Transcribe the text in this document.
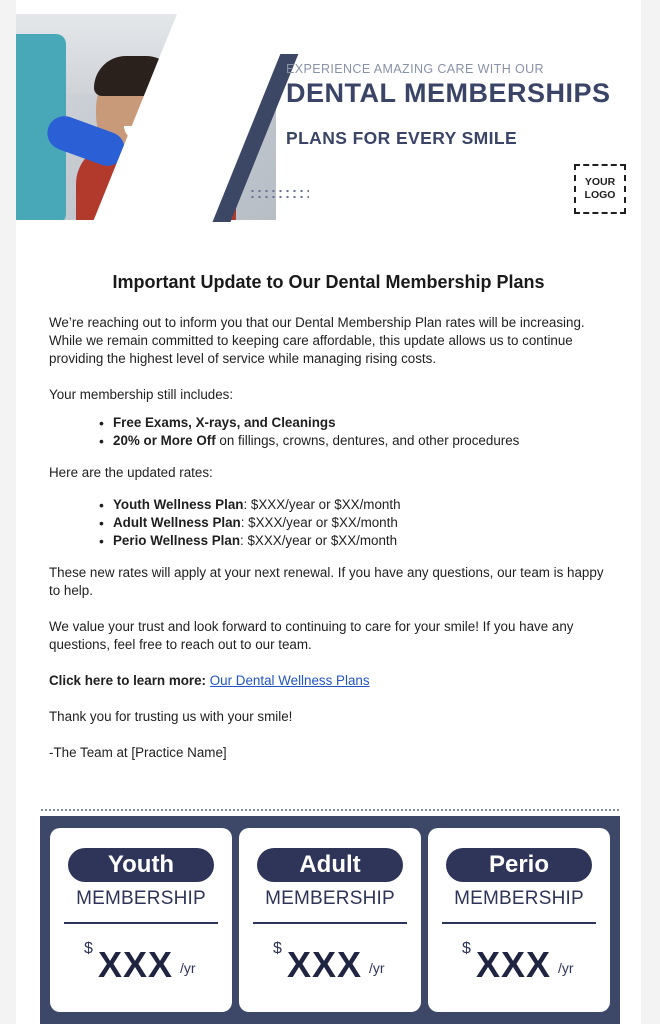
EXPERIENCE AMAZING CARE WITH OUR
DENTAL MEMBERSHIPS
PLANS FOR EVERY SMILE
YOUR
LOGO
Important Update to Our Dental Membership Plans

We’re reaching out to inform you that our Dental Membership Plan rates will be increasing. While we remain committed to keeping care affordable, this update allows us to continue providing the highest level of service while managing rising costs.

Your membership still includes:

• Free Exams, X-rays, and Cleanings
• 20% or More Off on fillings, crowns, dentures, and other procedures

Here are the updated rates:

• Youth Wellness Plan: $XXX/year or $XX/month
• Adult Wellness Plan: $XXX/year or $XX/month
• Perio Wellness Plan: $XXX/year or $XX/month

These new rates will apply at your next renewal. If you have any questions, our team is happy to help.

We value your trust and look forward to continuing to care for your smile! If you have any questions, feel free to reach out to our team.

Click here to learn more: Our Dental Wellness Plans

Thank you for trusting us with your smile!

-The Team at [Practice Name]

Youth
MEMBERSHIP
$ XXX /yr
Adult
MEMBERSHIP
$ XXX /yr
Perio
MEMBERSHIP
$ XXX /yr
